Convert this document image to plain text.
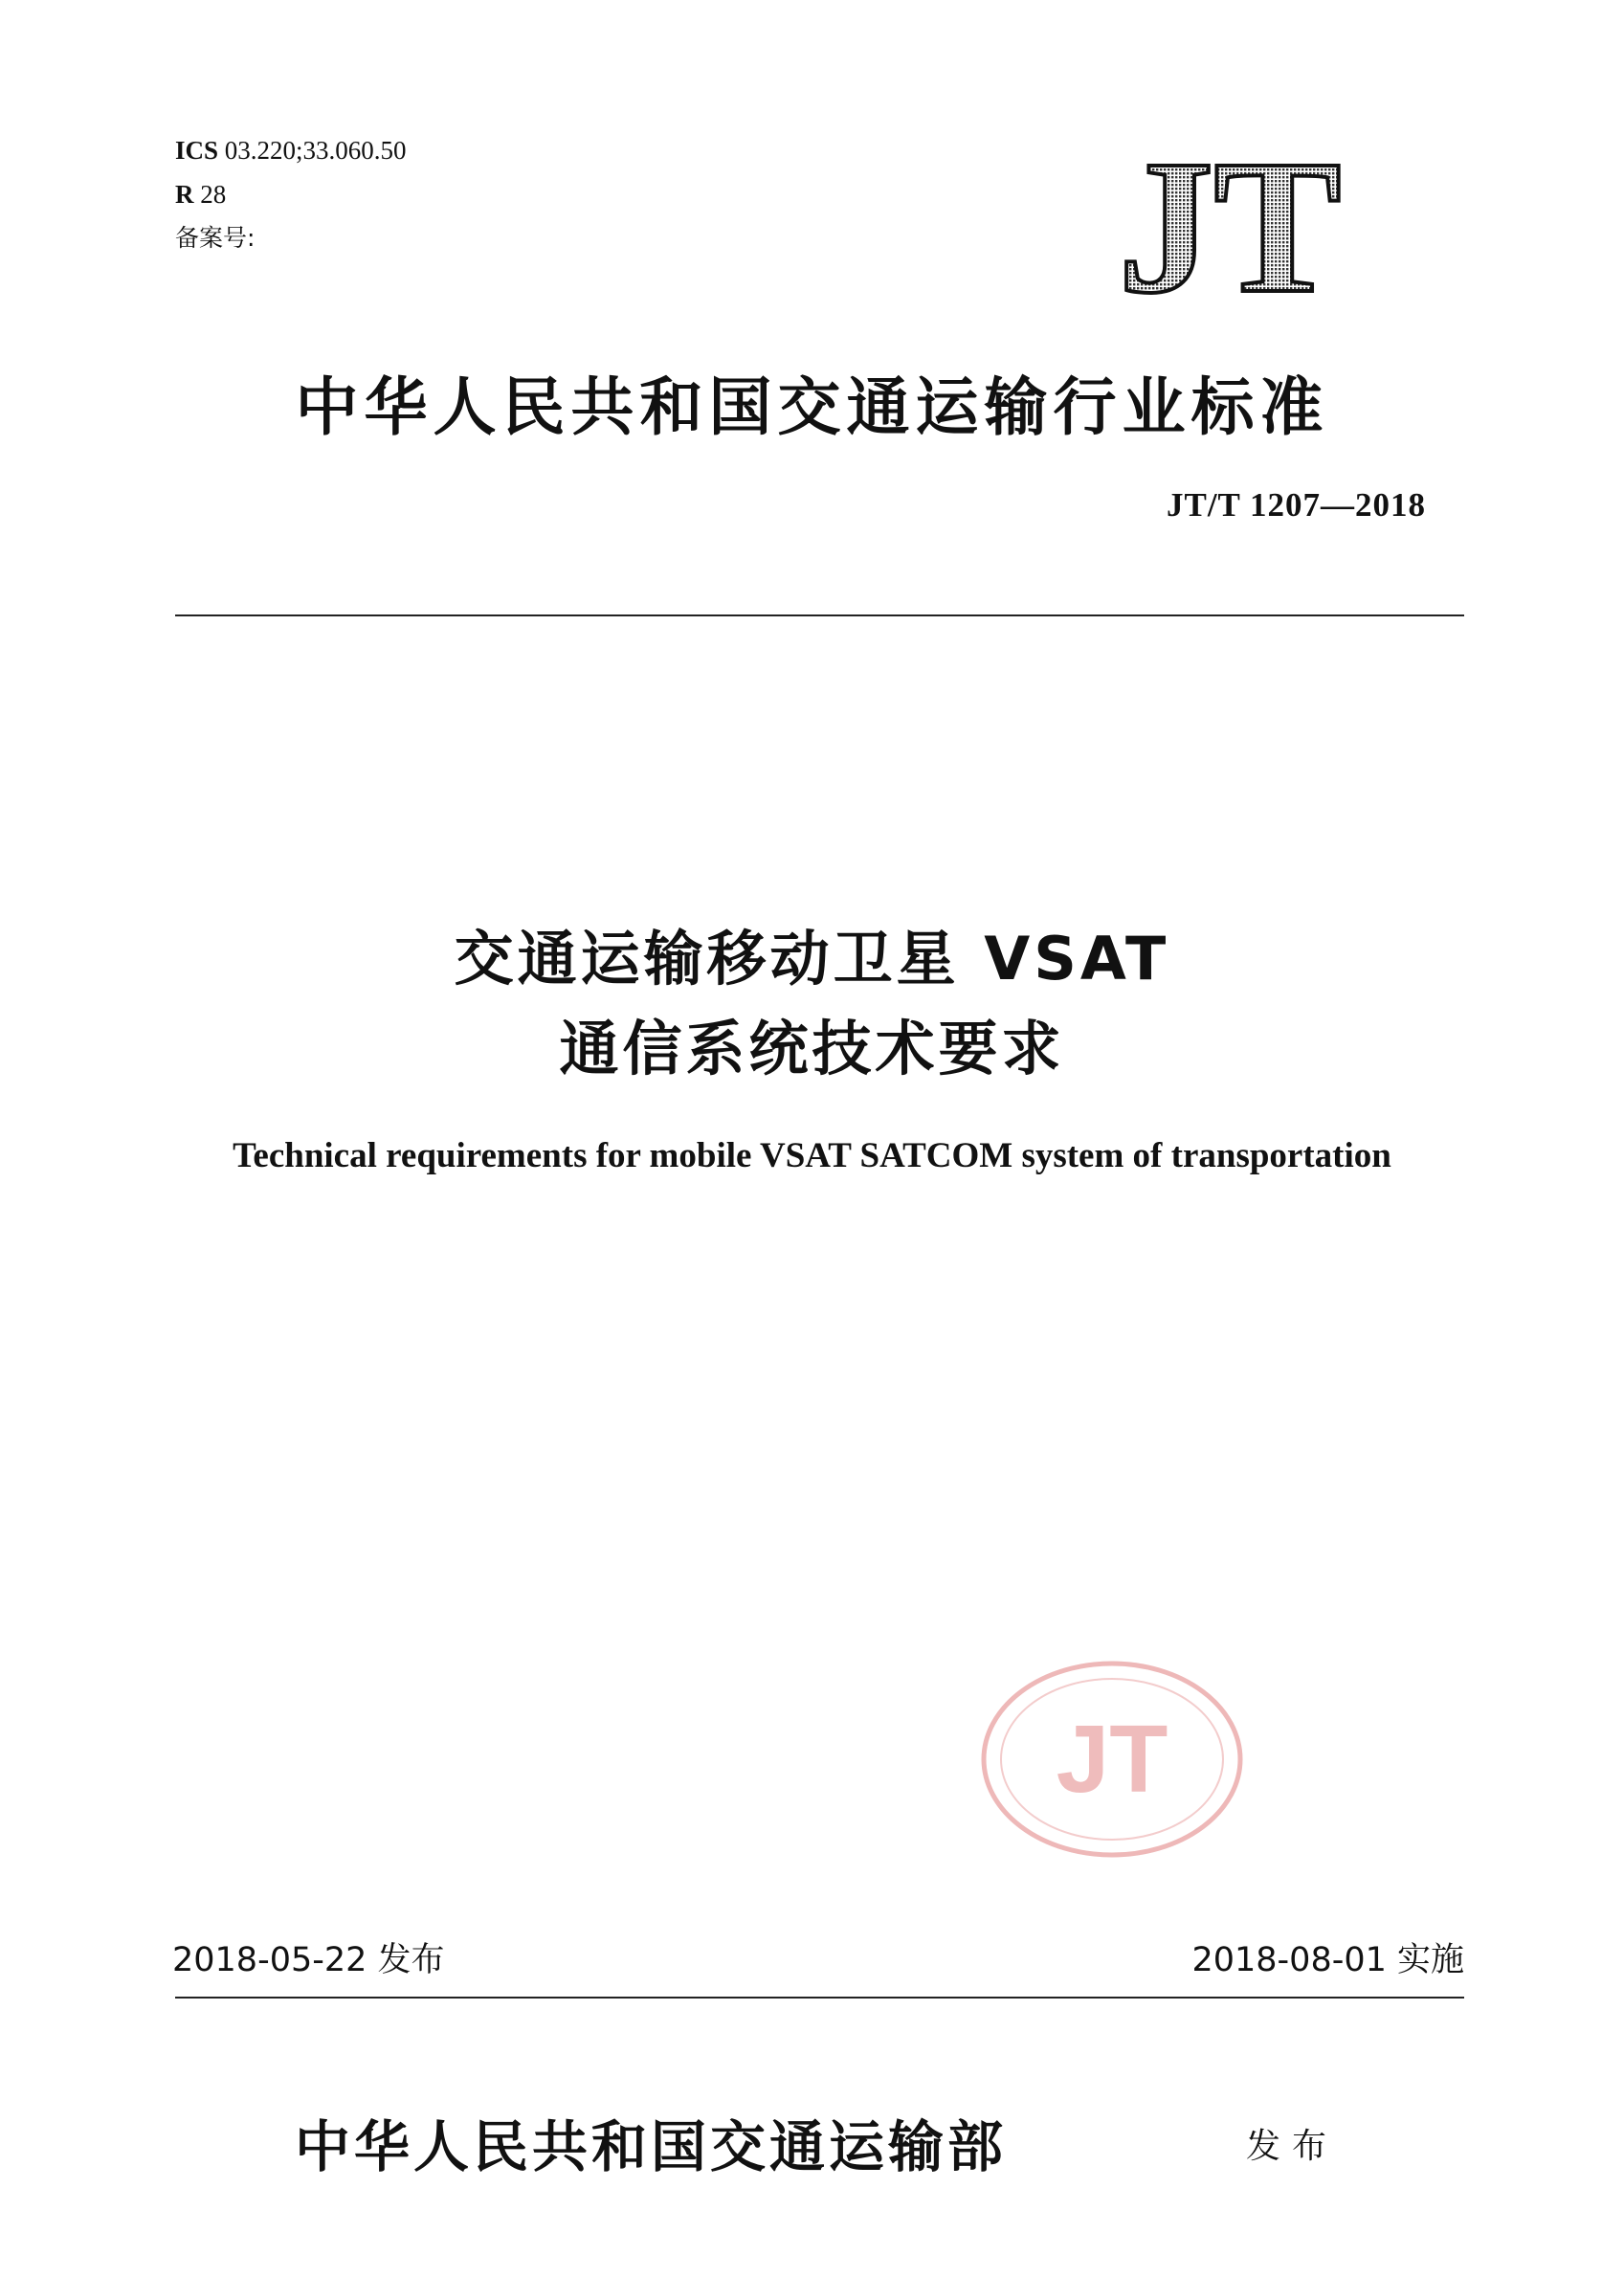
ICS 03.220;33.060.50
R 28
备案号:	JT
中华人民共和国交通运输行业标准
JT/T 1207—2018
交通运输移动卫星 VSAT
通信系统技术要求
Technical requirements for mobile VSAT SATCOM system of transportation
JT
2018-05-22 发布	2018-08-01 实施
中华人民共和国交通运输部	发布
